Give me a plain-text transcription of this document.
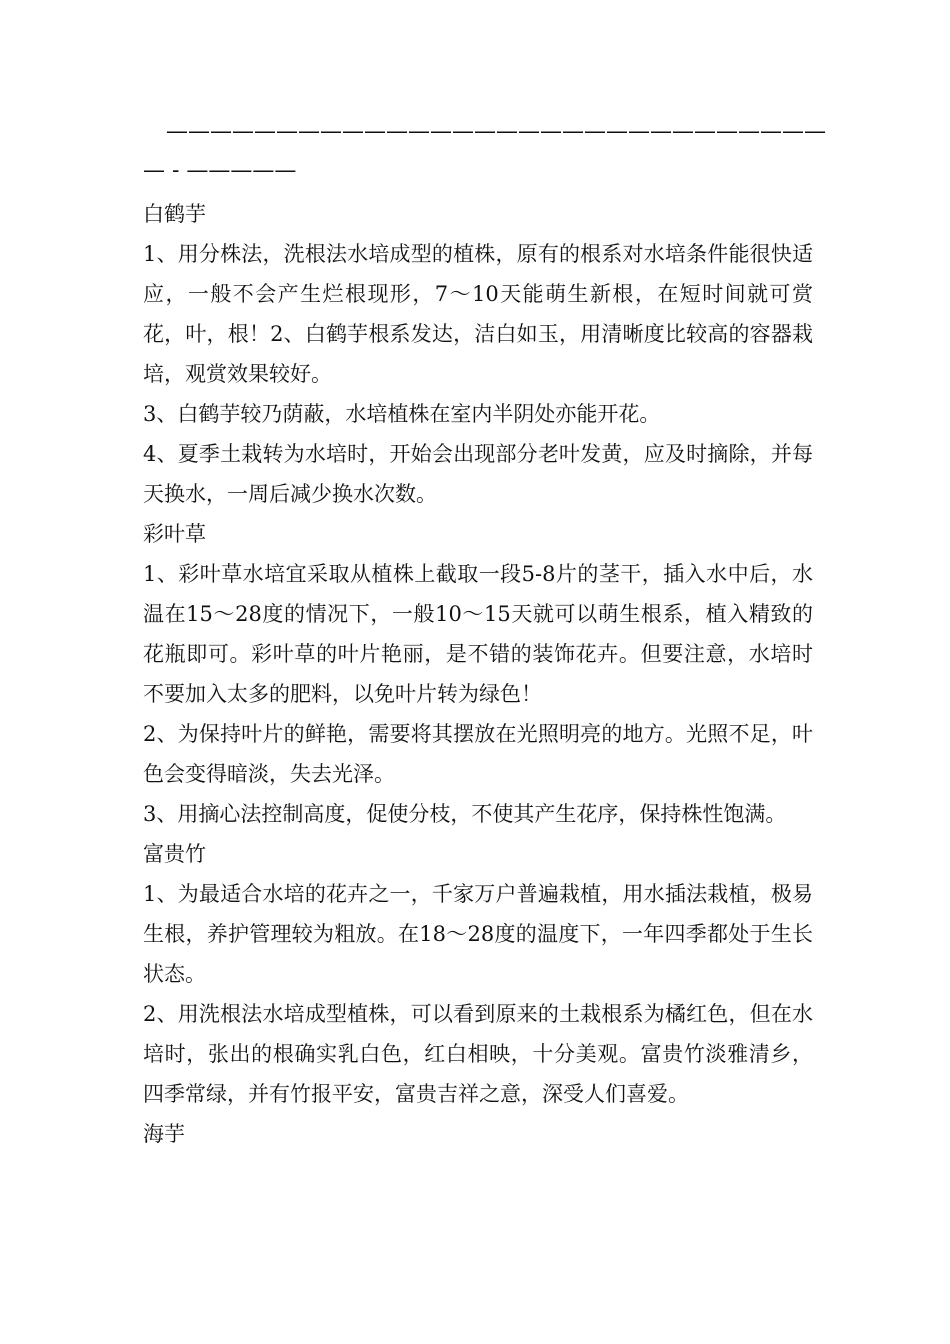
——————————————————————————————
— - —————

白鹤芋

1、用分株法，洗根法水培成型的植株，原有的根系对水培条件能很快适应，一般不会产生烂根现形，7～10天能萌生新根，在短时间就可赏花，叶，根！2、白鹤芋根系发达，洁白如玉，用清晰度比较高的容器栽培，观赏效果较好。

3、白鹤芋较乃荫蔽，水培植株在室内半阴处亦能开花。

4、夏季土栽转为水培时，开始会出现部分老叶发黄，应及时摘除，并每天换水，一周后减少换水次数。

彩叶草

1、彩叶草水培宜采取从植株上截取一段5-8片的茎干，插入水中后，水温在15～28度的情况下，一般10～15天就可以萌生根系，植入精致的花瓶即可。彩叶草的叶片艳丽，是不错的装饰花卉。但要注意，水培时不要加入太多的肥料，以免叶片转为绿色！

2、为保持叶片的鲜艳，需要将其摆放在光照明亮的地方。光照不足，叶色会变得暗淡，失去光泽。

3、用摘心法控制高度，促使分枝，不使其产生花序，保持株性饱满。

富贵竹

1、为最适合水培的花卉之一，千家万户普遍栽植，用水插法栽植，极易生根，养护管理较为粗放。在18～28度的温度下，一年四季都处于生长状态。

2、用洗根法水培成型植株，可以看到原来的土栽根系为橘红色，但在水培时，张出的根确实乳白色，红白相映，十分美观。富贵竹淡雅清乡，四季常绿，并有竹报平安，富贵吉祥之意，深受人们喜爱。

海芋
